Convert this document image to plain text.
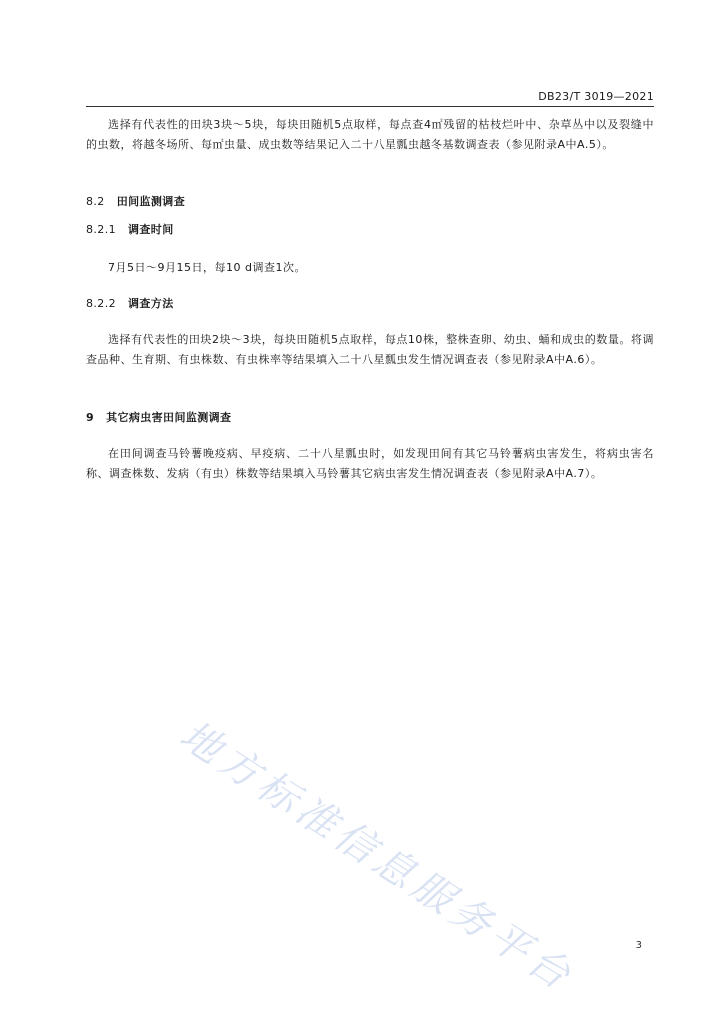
DB23/T 3019—2021

选择有代表性的田块3块～5块，每块田随机5点取样，每点查4㎡残留的枯枝烂叶中、杂草丛中以及裂缝中的虫数，将越冬场所、每㎡虫量、成虫数等结果记入二十八星瓢虫越冬基数调查表（参见附录A中A.5）。

8.2 田间监测调查
8.2.1 调查时间

7月5日～9月15日，每10 d调查1次。

8.2.2 调查方法

选择有代表性的田块2块～3块，每块田随机5点取样，每点10株，整株查卵、幼虫、蛹和成虫的数量。将调查品种、生育期、有虫株数、有虫株率等结果填入二十八星瓢虫发生情况调查表（参见附录A中A.6）。

9 其它病虫害田间监测调查

在田间调查马铃薯晚疫病、早疫病、二十八星瓢虫时，如发现田间有其它马铃薯病虫害发生，将病虫害名称、调查株数、发病（有虫）株数等结果填入马铃薯其它病虫害发生情况调查表（参见附录A中A.7）。

地方标准信息服务平台	3
